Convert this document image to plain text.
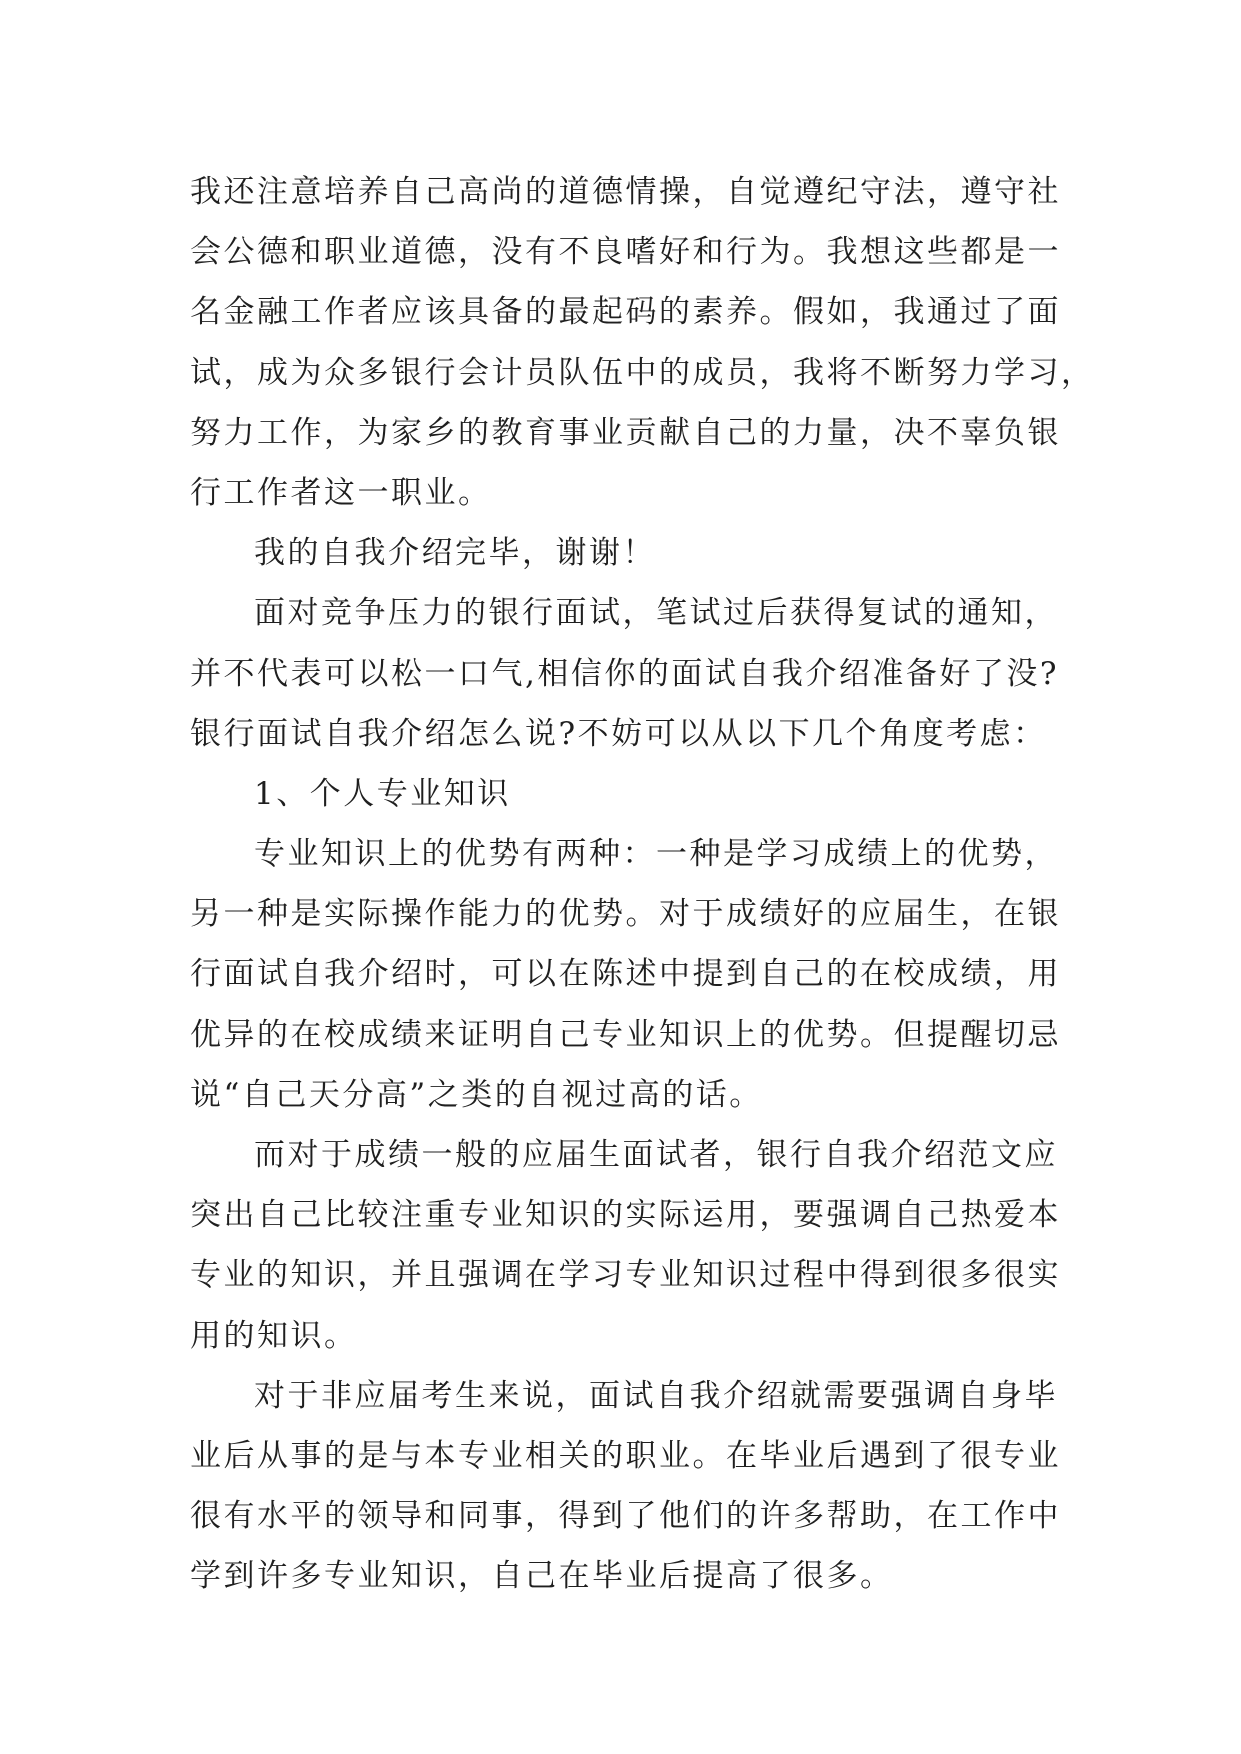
我还注意培养自己高尚的道德情操，自觉遵纪守法，遵守社
会公德和职业道德，没有不良嗜好和行为。我想这些都是一
名金融工作者应该具备的最起码的素养。假如，我通过了面
试，成为众多银行会计员队伍中的成员，我将不断努力学习，
努力工作，为家乡的教育事业贡献自己的力量，决不辜负银
行工作者这一职业。
我的自我介绍完毕，谢谢！
面对竞争压力的银行面试，笔试过后获得复试的通知，
并不代表可以松一口气,相信你的面试自我介绍准备好了没?
银行面试自我介绍怎么说?不妨可以从以下几个角度考虑：
1、个人专业知识
专业知识上的优势有两种：一种是学习成绩上的优势，
另一种是实际操作能力的优势。对于成绩好的应届生，在银
行面试自我介绍时，可以在陈述中提到自己的在校成绩，用
优异的在校成绩来证明自己专业知识上的优势。但提醒切忌
说“自己天分高”之类的自视过高的话。
而对于成绩一般的应届生面试者，银行自我介绍范文应
突出自己比较注重专业知识的实际运用，要强调自己热爱本
专业的知识，并且强调在学习专业知识过程中得到很多很实
用的知识。
对于非应届考生来说，面试自我介绍就需要强调自身毕
业后从事的是与本专业相关的职业。在毕业后遇到了很专业
很有水平的领导和同事，得到了他们的许多帮助，在工作中
学到许多专业知识，自己在毕业后提高了很多。
